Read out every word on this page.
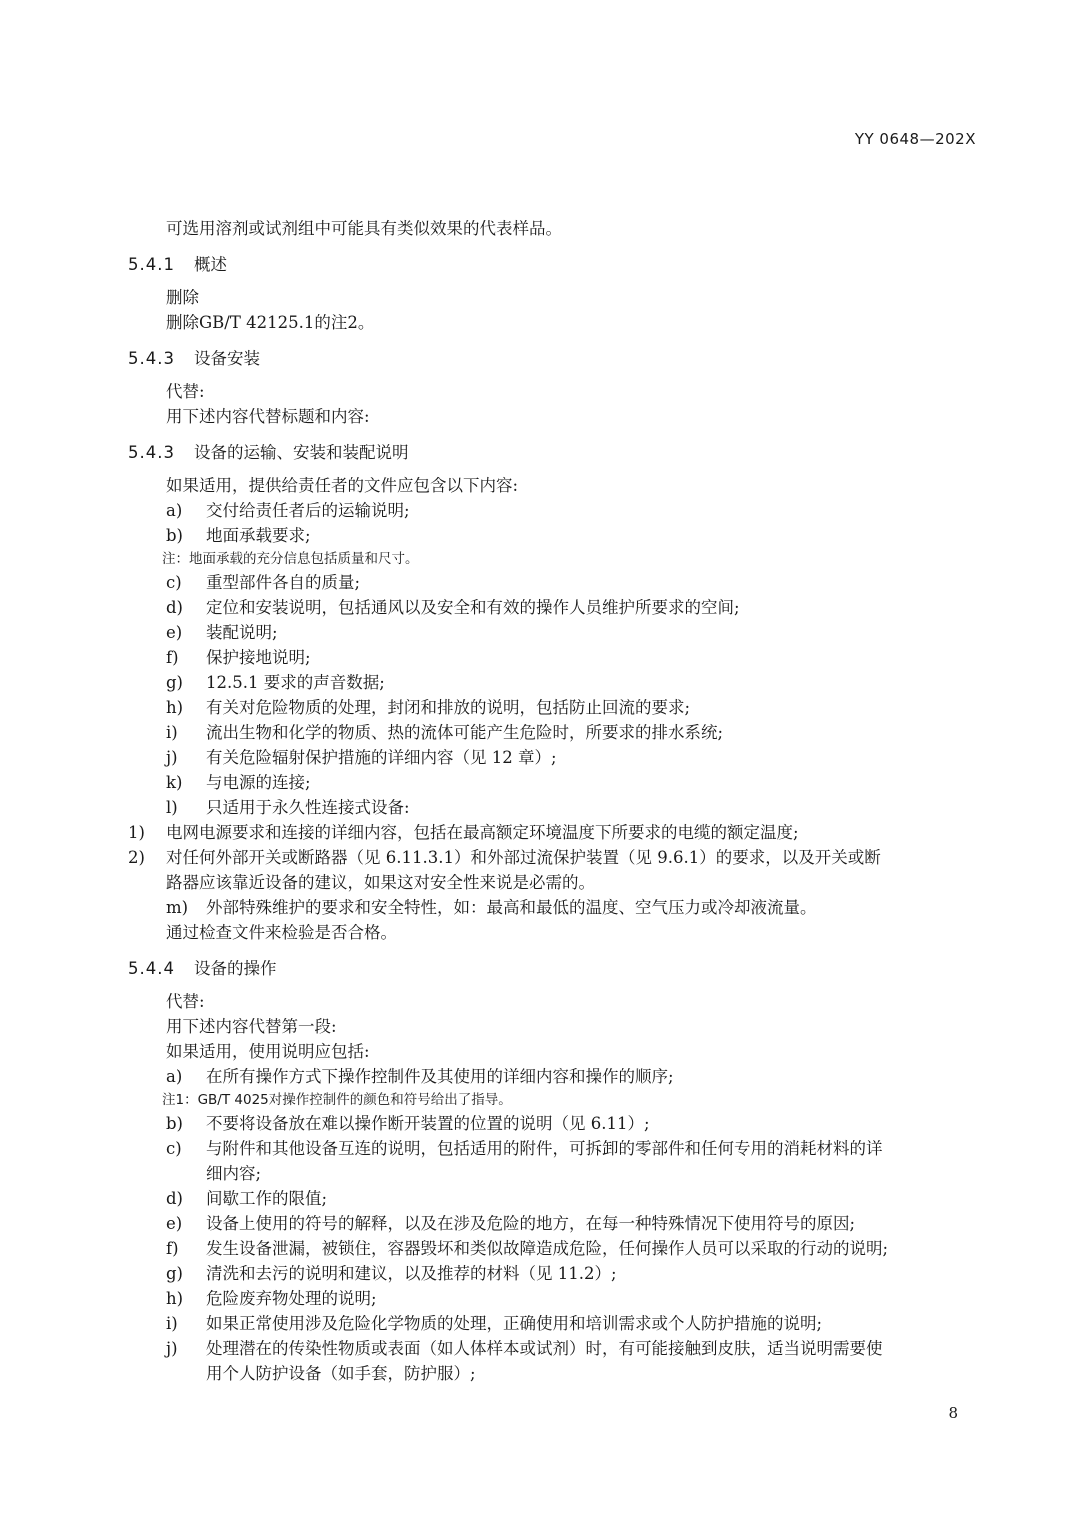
YY 0648—202X
可选用溶剂或试剂组中可能具有类似效果的代表样品。
5.4.1 概述
删除
删除GB/T 42125.1的注2。
5.4.3 设备安装
代替:
用下述内容代替标题和内容:
5.4.3 设备的运输、安装和装配说明
如果适用，提供给责任者的文件应包含以下内容:
a) 交付给责任者后的运输说明;
b) 地面承载要求;
注：地面承载的充分信息包括质量和尺寸。
c) 重型部件各自的质量;
d) 定位和安装说明，包括通风以及安全和有效的操作人员维护所要求的空间;
e) 装配说明;
f) 保护接地说明;
g) 12.5.1 要求的声音数据;
h) 有关对危险物质的处理，封闭和排放的说明，包括防止回流的要求;
i) 流出生物和化学的物质、热的流体可能产生危险时，所要求的排水系统;
j) 有关危险辐射保护措施的详细内容（见 12 章）;
k) 与电源的连接;
l) 只适用于永久性连接式设备:
1) 电网电源要求和连接的详细内容，包括在最高额定环境温度下所要求的电缆的额定温度;
2) 对任何外部开关或断路器（见 6.11.3.1）和外部过流保护装置（见 9.6.1）的要求，以及开关或断
路器应该靠近设备的建议，如果这对安全性来说是必需的。
m) 外部特殊维护的要求和安全特性，如：最高和最低的温度、空气压力或冷却液流量。
通过检查文件来检验是否合格。
5.4.4 设备的操作
代替:
用下述内容代替第一段:
如果适用，使用说明应包括:
a) 在所有操作方式下操作控制件及其使用的详细内容和操作的顺序;
注1：GB/T 4025对操作控制件的颜色和符号给出了指导。
b) 不要将设备放在难以操作断开装置的位置的说明（见 6.11）;
c) 与附件和其他设备互连的说明，包括适用的附件，可拆卸的零部件和任何专用的消耗材料的详
细内容;
d) 间歇工作的限值;
e) 设备上使用的符号的解释，以及在涉及危险的地方，在每一种特殊情况下使用符号的原因;
f) 发生设备泄漏，被锁住，容器毁坏和类似故障造成危险，任何操作人员可以采取的行动的说明;
g) 清洗和去污的说明和建议，以及推荐的材料（见 11.2）;
h) 危险废弃物处理的说明;
i) 如果正常使用涉及危险化学物质的处理，正确使用和培训需求或个人防护措施的说明;
j) 处理潜在的传染性物质或表面（如人体样本或试剂）时，有可能接触到皮肤，适当说明需要使
用个人防护设备（如手套，防护服）;
8
